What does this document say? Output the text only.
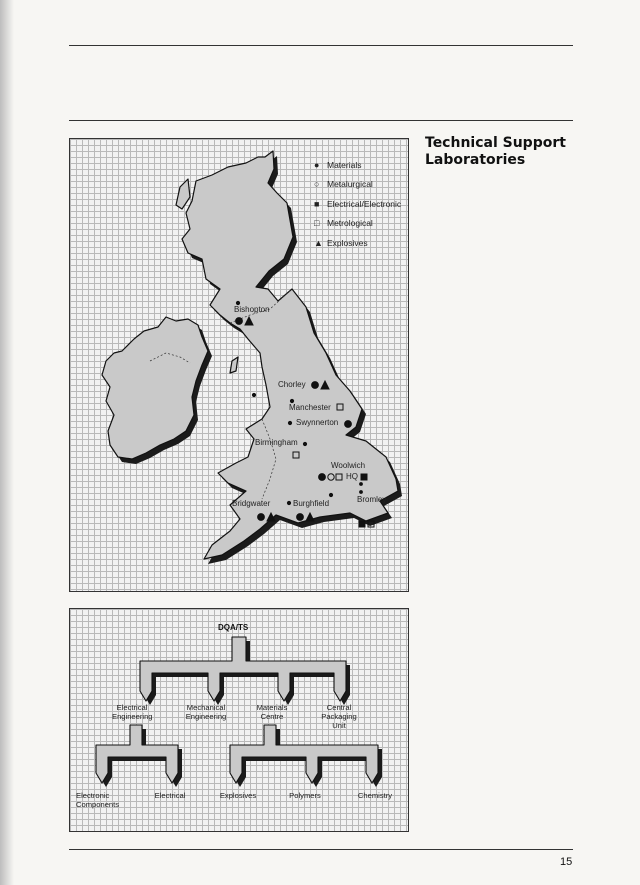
Technical Support
Laboratories
● Materials
○ Metalurgical
■ Electrical/Electronic
□ Metrological
▲ Explosives
Bishopton
Chorley
Manchester
Swynnerton
Birmingham
Woolwich
HQ
Bromley
Bridgwater	Burghfield
DQA/TS
Electrical Engineering
Mechanical Engineering
Materials Centre
Central Packaging Unit
Electronic Components
Electrical	Explosives	Polymers	Chemistry
15
